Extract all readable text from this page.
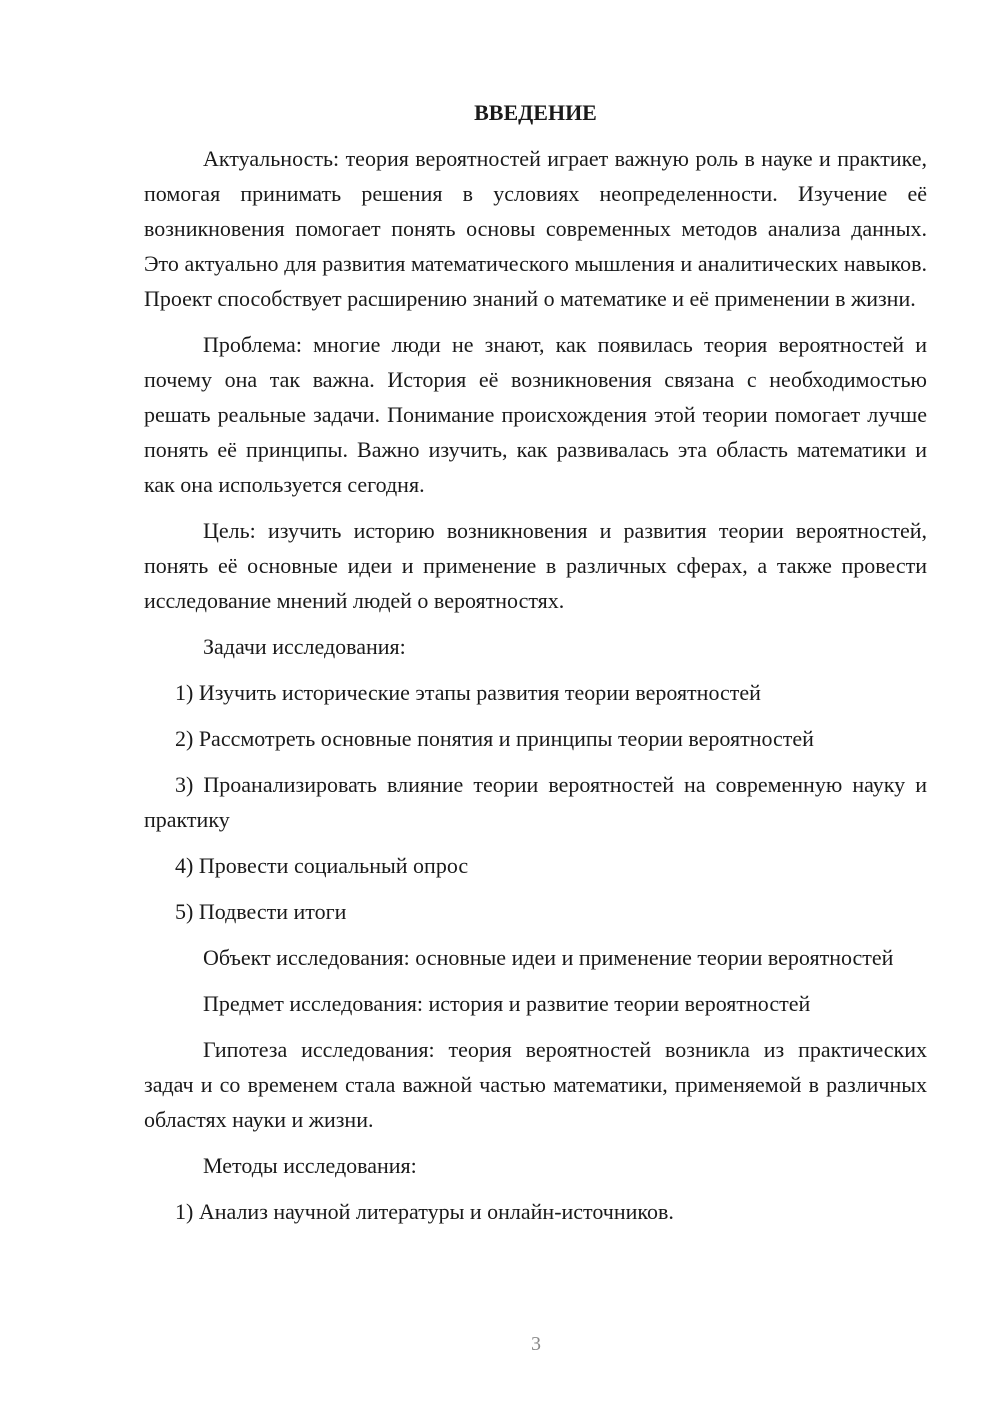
ВВЕДЕНИЕ

Актуальность: теория вероятностей играет важную роль в науке и практике, помогая принимать решения в условиях неопределенности. Изучение её возникновения помогает понять основы современных методов анализа данных. Это актуально для развития математического мышления и аналитических навыков. Проект способствует расширению знаний о математике и её применении в жизни.

Проблема: многие люди не знают, как появилась теория вероятностей и почему она так важна. История её возникновения связана с необходимостью решать реальные задачи. Понимание происхождения этой теории помогает лучше понять её принципы. Важно изучить, как развивалась эта область математики и как она используется сегодня.

Цель: изучить историю возникновения и развития теории вероятностей, понять её основные идеи и применение в различных сферах, а также провести исследование мнений людей о вероятностях.

Задачи исследования:

1) Изучить исторические этапы развития теории вероятностей

2) Рассмотреть основные понятия и принципы теории вероятностей

3) Проанализировать влияние теории вероятностей на современную науку и практику

4) Провести социальный опрос

5) Подвести итоги

Объект исследования: основные идеи и применение теории вероятностей

Предмет исследования: история и развитие теории вероятностей

Гипотеза исследования: теория вероятностей возникла из практических задач и со временем стала важной частью математики, применяемой в различных областях науки и жизни.

Методы исследования:

1) Анализ научной литературы и онлайн-источников.

3
